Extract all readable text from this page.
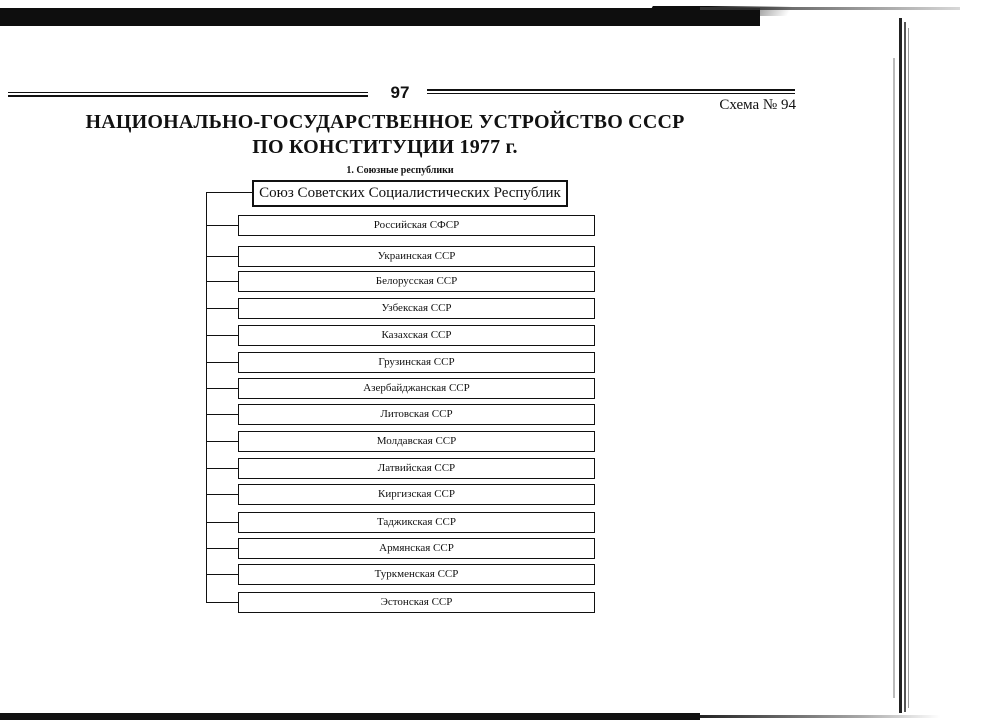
97
Схема № 94
НАЦИОНАЛЬНО-ГОСУДАРСТВЕННОЕ УСТРОЙСТВО СССР
ПО КОНСТИТУЦИИ 1977 г.
1. Союзные республики
Союз Советских Социалистических Республик
Российская СФСР
Украинская ССР
Белорусская ССР
Узбекская ССР
Казахская ССР
Грузинская ССР
Азербайджанская ССР
Литовская ССР
Молдавская ССР
Латвийская ССР
Киргизская ССР
Таджикская ССР
Армянская ССР
Туркменская ССР
Эстонская ССР
